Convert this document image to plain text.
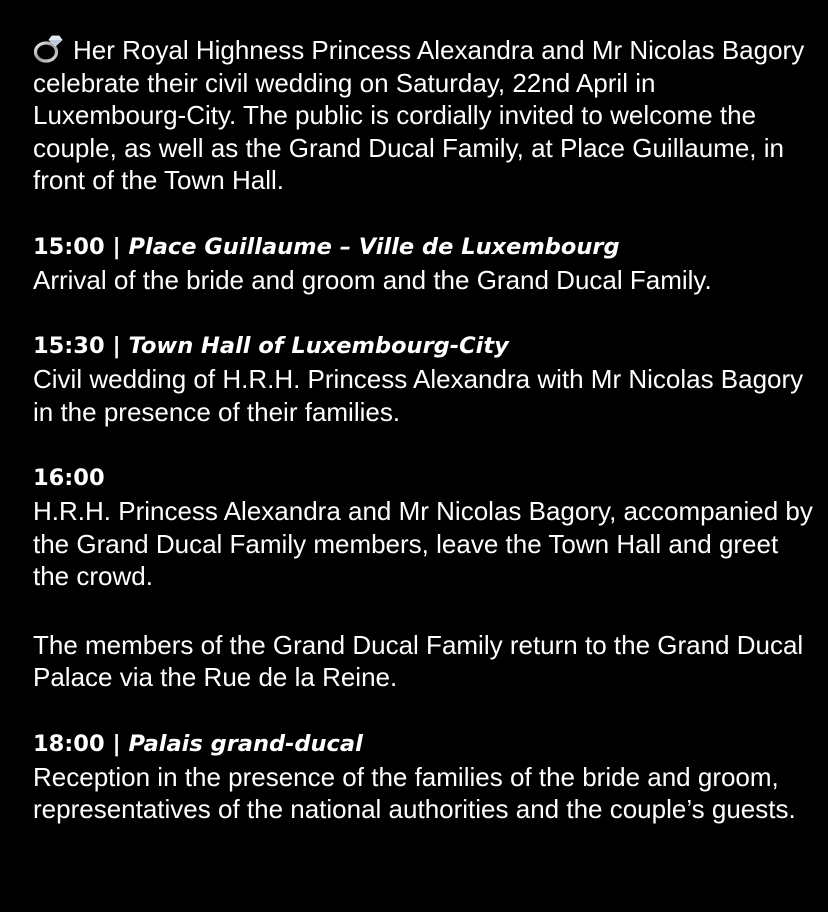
Her Royal Highness Princess Alexandra and Mr Nicolas Bagory celebrate their civil wedding on Saturday, 22nd April in Luxembourg-City. The public is cordially invited to welcome the couple, as well as the Grand Ducal Family, at Place Guillaume, in front of the Town Hall.

15:00 | Place Guillaume – Ville de Luxembourg

Arrival of the bride and groom and the Grand Ducal Family.

15:30 | Town Hall of Luxembourg-City

Civil wedding of H.R.H. Princess Alexandra with Mr Nicolas Bagory in the presence of their families.

16:00

H.R.H. Princess Alexandra and Mr Nicolas Bagory, accompanied by the Grand Ducal Family members, leave the Town Hall and greet the crowd.

The members of the Grand Ducal Family return to the Grand Ducal Palace via the Rue de la Reine.

18:00 | Palais grand-ducal

Reception in the presence of the families of the bride and groom, representatives of the national authorities and the couple’s guests.
